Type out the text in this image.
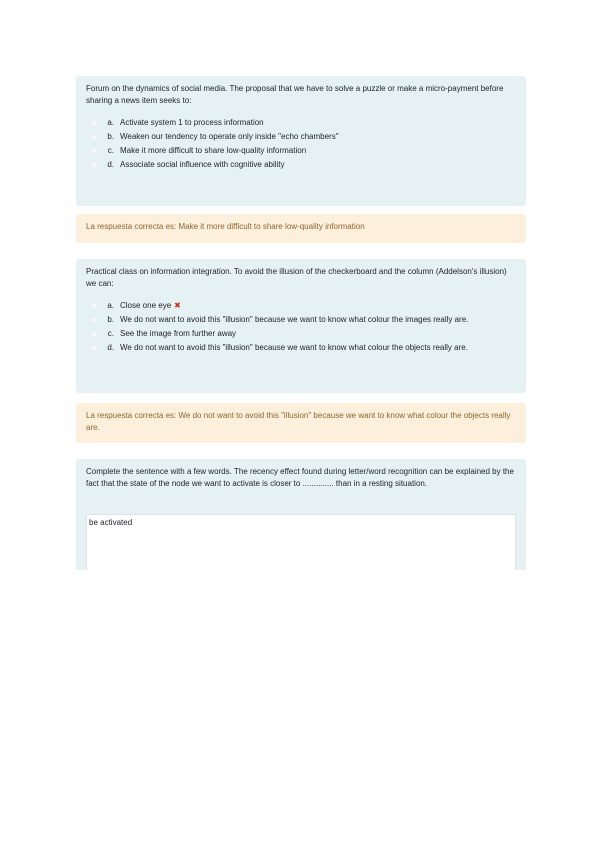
Forum on the dynamics of social media. The proposal that we have to solve a puzzle or make a micro-payment before sharing a news item seeks to:

a. Activate system 1 to process information
b. Weaken our tendency to operate only inside "echo chambers"
c. Make it more difficult to share low-quality information
d. Associate social influence with cognitive ability
La respuesta correcta es: Make it more difficult to share low-quality information

Practical class on information integration. To avoid the illusion of the checkerboard and the column (Addelson's illusion) we can:

a. Close one eye ✖
b. We do not want to avoid this "illusion" because we want to know what colour the images really are.
c. See the image from further away
d. We do not want to avoid this "illusion" because we want to know what colour the objects really are.
La respuesta correcta es: We do not want to avoid this "illusion" because we want to know what colour the objects really are.

Complete the sentence with a few words. The recency effect found during letter/word recognition can be explained by the fact that the state of the node we want to activate is closer to .............. than in a resting situation.

be activated
